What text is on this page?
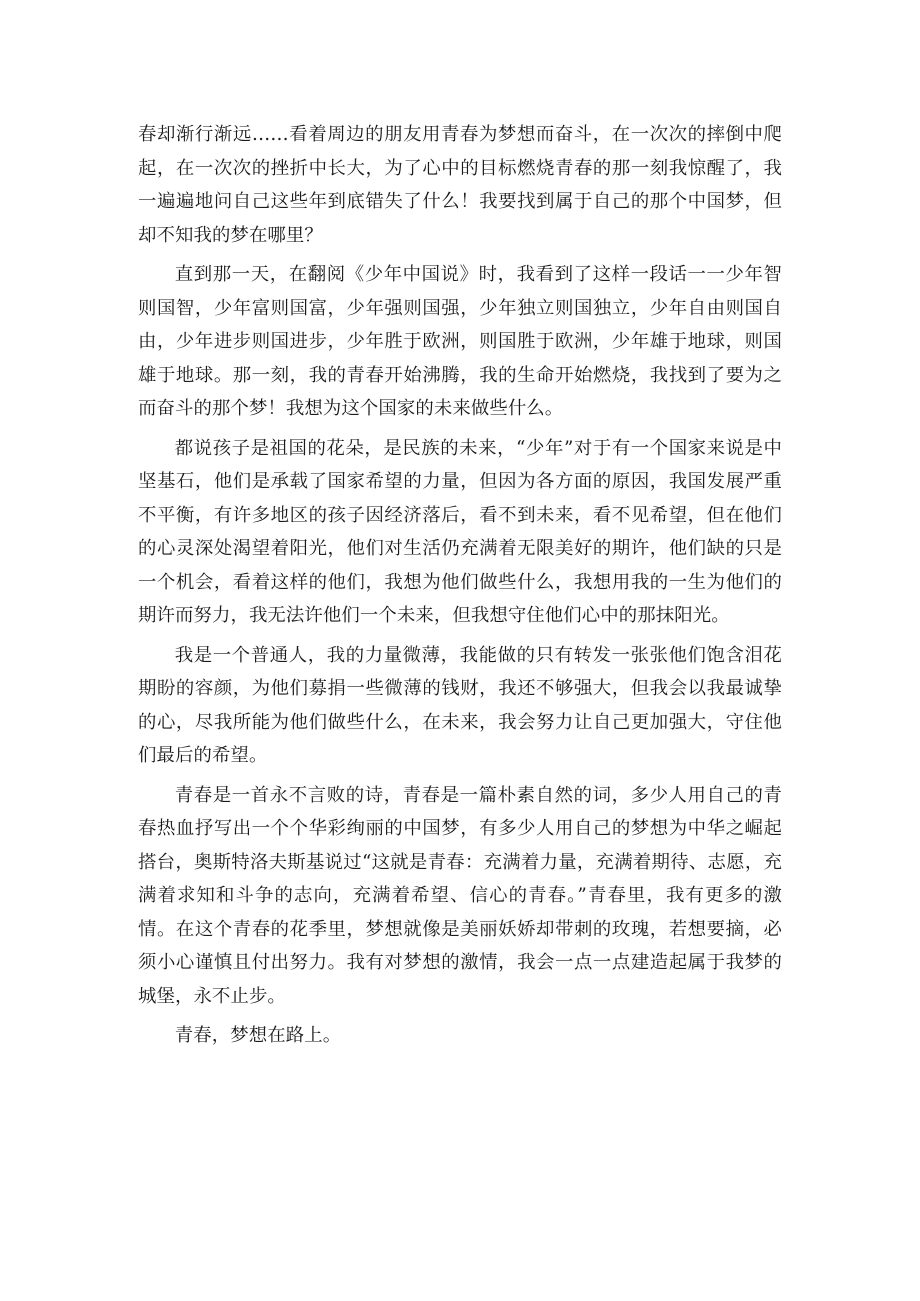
春却渐行渐远……看着周边的朋友用青春为梦想而奋斗，在一次次的摔倒中爬起，在一次次的挫折中长大，为了心中的目标燃烧青春的那一刻我惊醒了，我一遍遍地问自己这些年到底错失了什么！我要找到属于自己的那个中国梦，但却不知我的梦在哪里？

直到那一天，在翻阅《少年中国说》时，我看到了这样一段话一一少年智则国智，少年富则国富，少年强则国强，少年独立则国独立，少年自由则国自由，少年进步则国进步，少年胜于欧洲，则国胜于欧洲，少年雄于地球，则国雄于地球。那一刻，我的青春开始沸腾，我的生命开始燃烧，我找到了要为之而奋斗的那个梦！我想为这个国家的未来做些什么。

都说孩子是祖国的花朵，是民族的未来，“少年”对于有一个国家来说是中坚基石，他们是承载了国家希望的力量，但因为各方面的原因，我国发展严重不平衡，有许多地区的孩子因经济落后，看不到未来，看不见希望，但在他们的心灵深处渴望着阳光，他们对生活仍充满着无限美好的期许，他们缺的只是一个机会，看着这样的他们，我想为他们做些什么，我想用我的一生为他们的期许而努力，我无法许他们一个未来，但我想守住他们心中的那抹阳光。

我是一个普通人，我的力量微薄，我能做的只有转发一张张他们饱含泪花期盼的容颜，为他们募捐一些微薄的钱财，我还不够强大，但我会以我最诚挚的心，尽我所能为他们做些什么，在未来，我会努力让自己更加强大，守住他们最后的希望。

青春是一首永不言败的诗，青春是一篇朴素自然的词，多少人用自己的青春热血抒写出一个个华彩绚丽的中国梦，有多少人用自己的梦想为中华之崛起搭台，奥斯特洛夫斯基说过“这就是青春：充满着力量，充满着期待、志愿，充满着求知和斗争的志向，充满着希望、信心的青春。”青春里，我有更多的激情。在这个青春的花季里，梦想就像是美丽妖娇却带刺的玫瑰，若想要摘，必须小心谨慎且付出努力。我有对梦想的激情，我会一点一点建造起属于我梦的城堡，永不止步。

青春，梦想在路上。
